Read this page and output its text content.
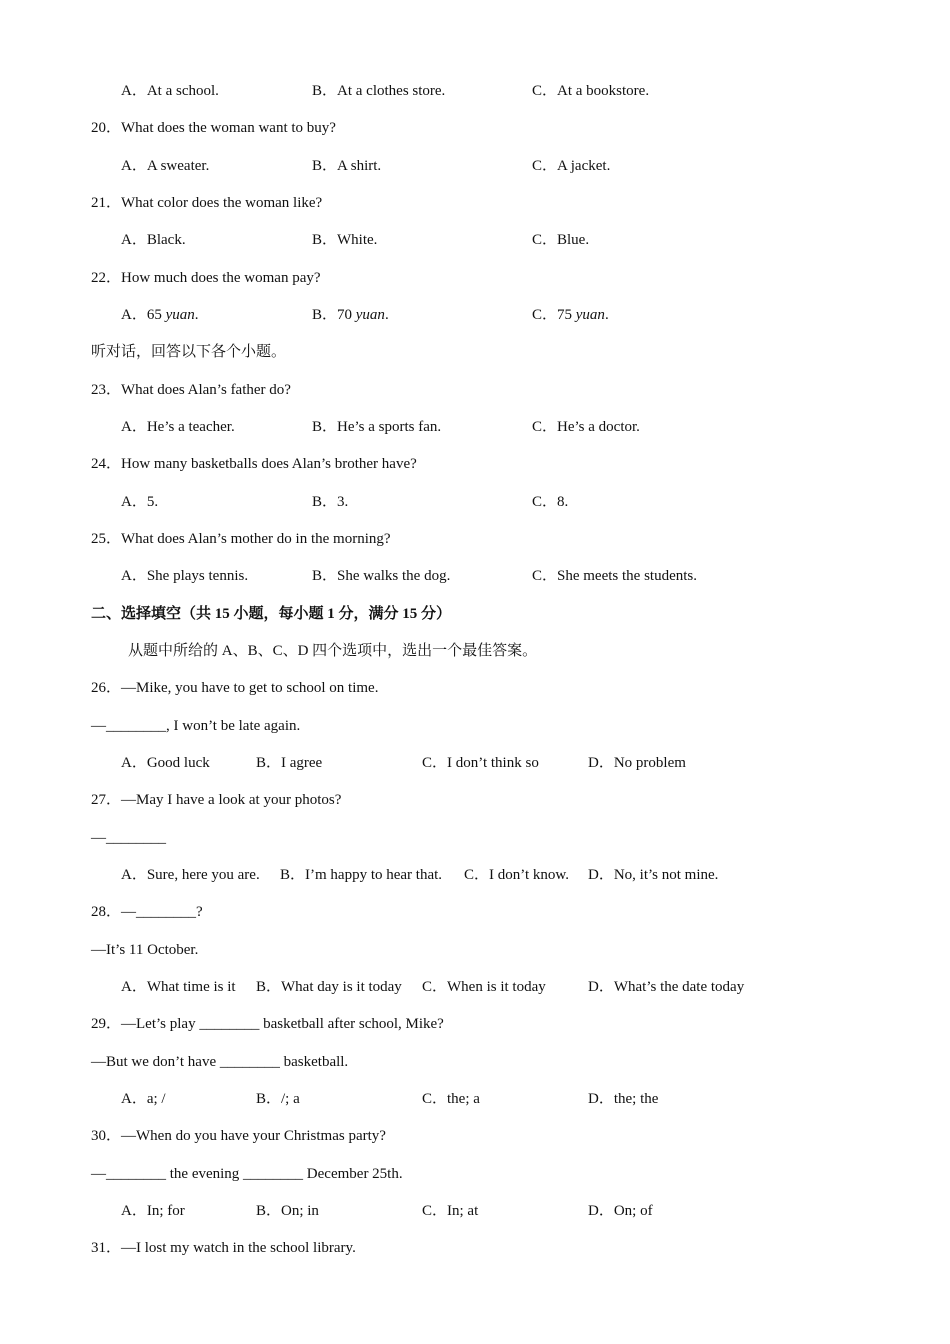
A．At a school.	B．At a clothes store.	C．At a bookstore.
20．What does the woman want to buy?
A．A sweater.	B．A shirt.	C．A jacket.
21．What color does the woman like?
A．Black.	B．White.	C．Blue.
22．How much does the woman pay?
A．65 yuan.	B．70 yuan.	C．75 yuan.
听对话，回答以下各个小题。
23．What does Alan’s father do?
A．He’s a teacher.	B．He’s a sports fan.	C．He’s a doctor.
24．How many basketballs does Alan’s brother have?
A．5.	B．3.	C．8.
25．What does Alan’s mother do in the morning?
A．She plays tennis.	B．She walks the dog.	C．She meets the students.
二、选择填空（共 15 小题，每小题 1 分，满分 15 分）
从题中所给的 A、B、C、D 四个选项中，选出一个最佳答案。
26．—Mike, you have to get to school on time.
—________, I won’t be late again.
A．Good luck	B．I agree	C．I don’t think so	D．No problem
27．—May I have a look at your photos?
—________
A．Sure, here you are. B．I’m happy to hear that. C．I don’t know. D．No, it’s not mine.
28．—________?
—It’s 11 October.
A．What time is it B．What day is it today C．When is it today	D．What’s the date today
29．—Let’s play ________ basketball after school, Mike?
—But we don’t have ________ basketball.
A．a; /	B．/; a	C．the; a	D．the; the
30．—When do you have your Christmas party?
—________ the evening ________ December 25th.
A．In; for	B．On; in	C．In; at	D．On; of
31．—I lost my watch in the school library.
